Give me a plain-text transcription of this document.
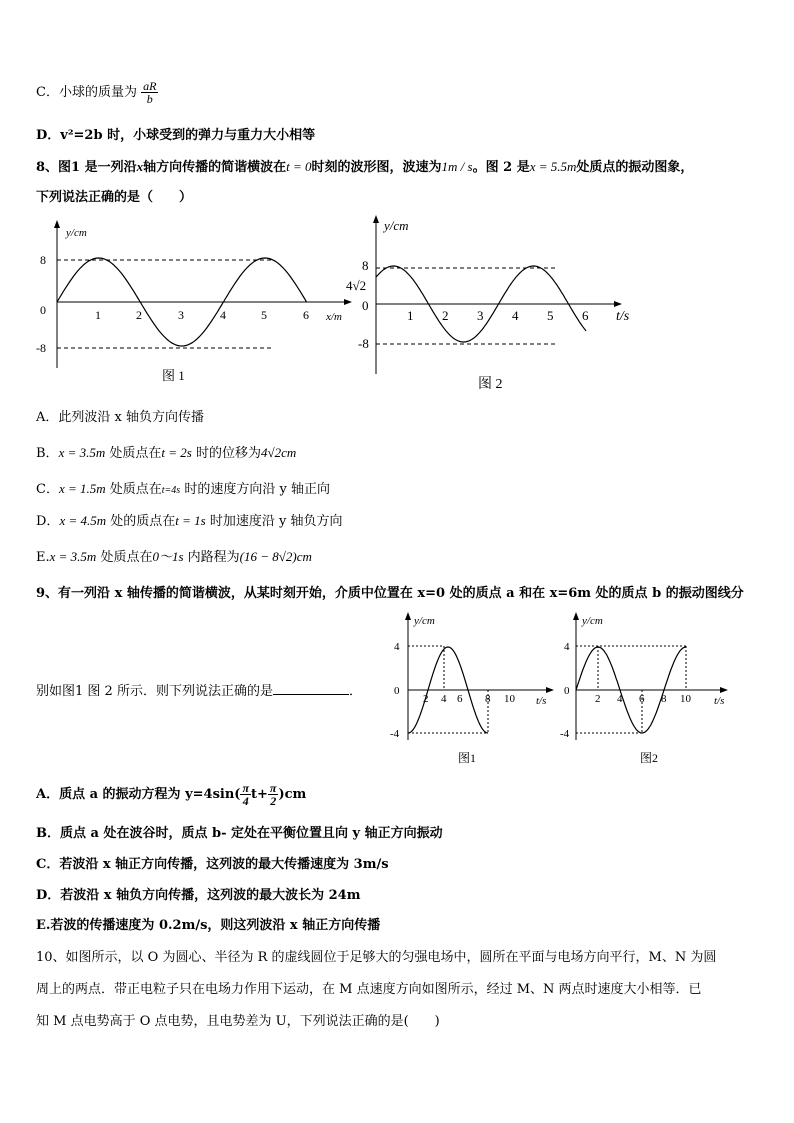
C．小球的质量为 $\frac{aR}{b}$
D．v²=2b 时，小球受到的弹力与重力大小相等
8、图1 是一列沿x轴方向传播的简谐横波在t = 0时刻的波形图，波速为1m / s。图 2 是x = 5.5m处质点的振动图象，
下列说法正确的是（　　）
y/cm
x/m
8
0
-8
1	2	3	4	5	6
图 1
y/cm
t/s
8
4√2
0
-8
1 2 3 4 5 6
图 2
A．此列波沿 x 轴负方向传播
B．x = 3.5m 处质点在t = 2s 时的位移为4√2cm
C．x = 1.5m 处质点在t=4s 时的速度方向沿 y 轴正向
D．x = 4.5m 处的质点在t = 1s 时加速度沿 y 轴负方向
E.x = 3.5m 处质点在0～1s 内路程为(16 − 8√2)cm
9、有一列沿 x 轴传播的简谐横波，从某时刻开始，介质中位置在 x=0 处的质点 a 和在 x=6m 处的质点 b 的振动图线分
别如图1 图 2 所示．则下列说法正确的是	．
y/cm
t/s
4
0
-4
2 4 6 8 10
图1
y/cm
t/s
4
0
-4
2 4 6 8 10
图2
A．质点 a 的振动方程为 $y=4\sin( \frac{\pi}{4} t+ \frac{\pi}{2} )cm$
B．质点 a 处在波谷时，质点 b- 定处在平衡位置且向 y 轴正方向振动
C．若波沿 x 轴正方向传播，这列波的最大传播速度为 3m/s
D．若波沿 x 轴负方向传播，这列波的最大波长为 24m
E.若波的传播速度为 0.2m/s，则这列波沿 x 轴正方向传播
10、如图所示，以 O 为圆心、半径为 R 的虚线圆位于足够大的匀强电场中，圆所在平面与电场方向平行，M、N 为圆
周上的两点．带正电粒子只在电场力作用下运动，在 M 点速度方向如图所示，经过 M、N 两点时速度大小相等．已
知 M 点电势高于 O 点电势，且电势差为 U，下列说法正确的是(　　)
